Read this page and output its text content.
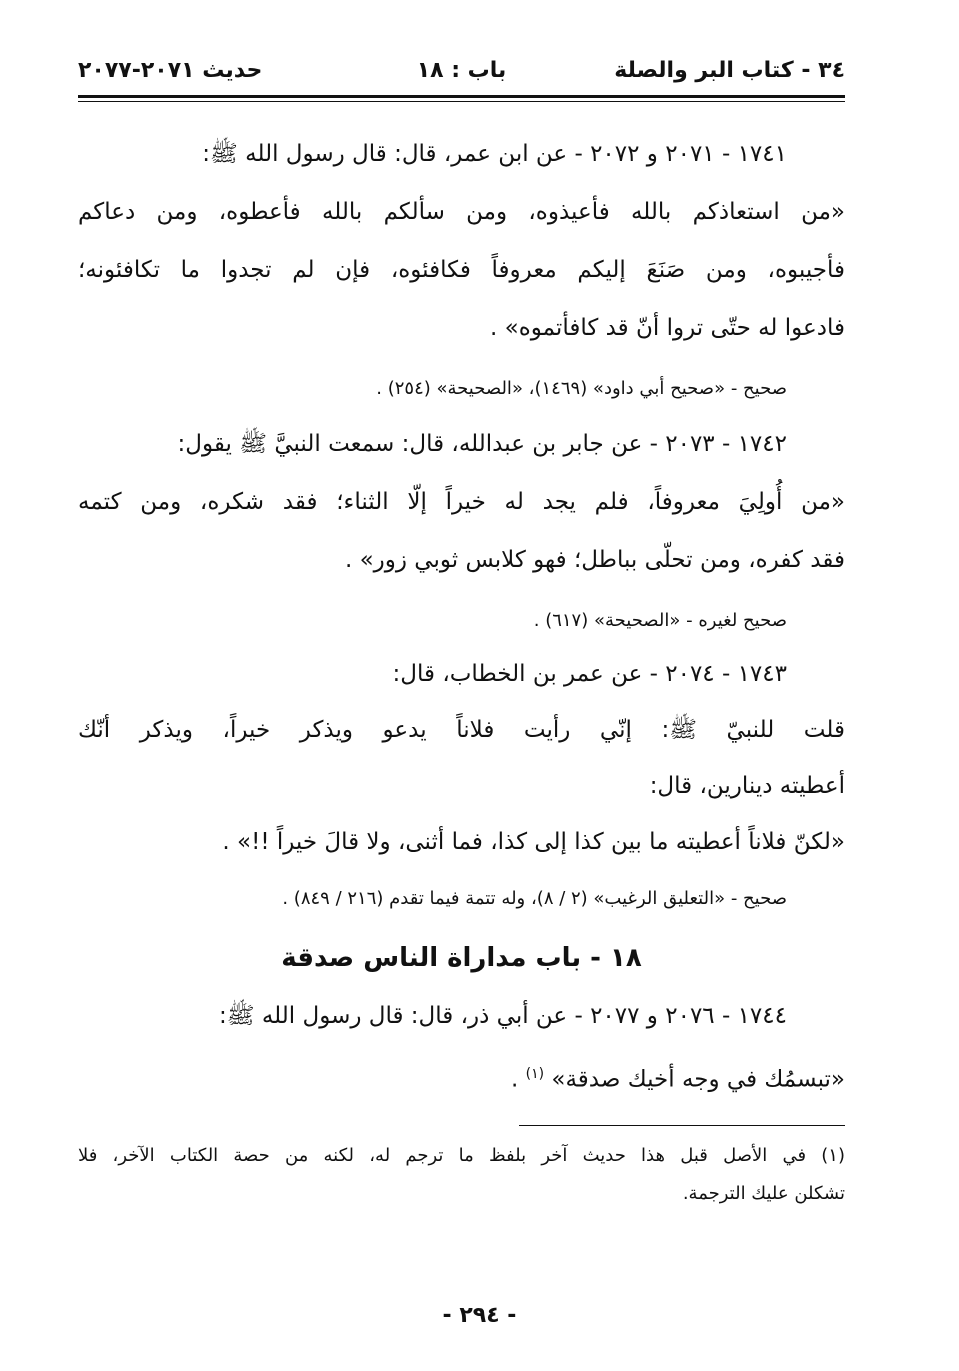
٣٤ - كتاب البر والصلة
باب : ١٨
حديث ٢٠٧١-٢٠٧٧
١٧٤١ - ٢٠٧١ و ٢٠٧٢ - عن ابن عمر، قال: قال رسول الله ﷺ:
«من استعاذكم بالله فأعيذوه، ومن سألكم بالله فأعطوه، ومن دعاكم
فأجيبوه، ومن صَنَعَ إليكم معروفاً فكافئوه، فإن لم تجدوا ما تكافئونه؛
فادعوا له حتّى تروا أنّ قد كافأتموه» .
صحيح - «صحيح أبي داود» (١٤٦٩)، «الصحيحة» (٢٥٤) .
١٧٤٢ - ٢٠٧٣ - عن جابر بن عبدالله، قال: سمعت النبيَّ ﷺ يقول:
«من أُولِيَ معروفاً، فلم يجد له خيراً إلّا الثناء؛ فقد شكره، ومن كتمه
فقد كفره، ومن تحلّى بباطل؛ فهو كلابس ثوبي زور» .
صحيح لغيره - «الصحيحة» (٦١٧) .
١٧٤٣ - ٢٠٧٤ - عن عمر بن الخطاب، قال:
قلت للنبيّ ﷺ: إنّي رأيت فلاناً يدعو ويذكر خيراً، ويذكر أنّك
أعطيته دينارين، قال:
«لكنّ فلاناً أعطيته ما بين كذا إلى كذا، فما أثنى، ولا قالَ خيراً !!» .
صحيح - «التعليق الرغيب» (٢ / ٨)، وله تتمة فيما تقدم (٢١٦ / ٨٤٩) .
١٨ - باب مداراة الناس صدقة
١٧٤٤ - ٢٠٧٦ و ٢٠٧٧ - عن أبي ذر، قال: قال رسول الله ﷺ:
«تبسمُك في وجه أخيك صدقة» $^{(١)}$ .
(١) في الأصل قبل هذا حديث آخر بلفظ ما ترجم له، لكنه من حصة الكتاب الآخر، فلا
تشكلن عليك الترجمة.
- ٢٩٤ -
